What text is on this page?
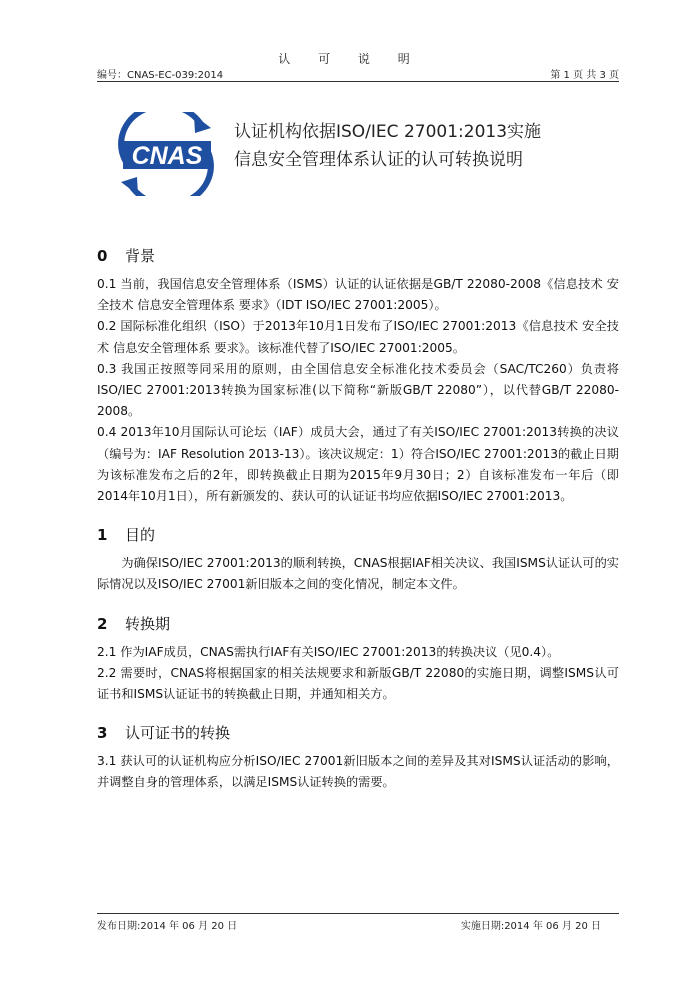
认 可 说 明
编号：CNAS-EC-039:2014	第 1 页 共 3 页
CNAS
认证机构依据ISO/IEC 27001:2013实施
信息安全管理体系认证的认可转换说明
0 背景

0.1 当前，我国信息安全管理体系（ISMS）认证的认证依据是GB/T 22080-2008《信息技术 安全技术 信息安全管理体系 要求》（IDT ISO/IEC 27001:2005）。

0.2 国际标准化组织（ISO）于2013年10月1日发布了ISO/IEC 27001:2013《信息技术 安全技术 信息安全管理体系 要求》。该标准代替了ISO/IEC 27001:2005。

0.3 我国正按照等同采用的原则，由全国信息安全标准化技术委员会（SAC/TC260）负责将ISO/IEC 27001:2013转换为国家标准(以下简称“新版GB/T 22080”），以代替GB/T 22080-2008。

0.4 2013年10月国际认可论坛（IAF）成员大会，通过了有关ISO/IEC 27001:2013转换的决议（编号为：IAF Resolution 2013-13）。该决议规定：1）符合ISO/IEC 27001:2013的截止日期为该标准发布之后的2年，即转换截止日期为2015年9月30日；2）自该标准发布一年后（即2014年10月1日），所有新颁发的、获认可的认证证书均应依据ISO/IEC 27001:2013。

1 目的

为确保ISO/IEC 27001:2013的顺利转换，CNAS根据IAF相关决议、我国ISMS认证认可的实际情况以及ISO/IEC 27001新旧版本之间的变化情况，制定本文件。

2 转换期

2.1 作为IAF成员，CNAS需执行IAF有关ISO/IEC 27001:2013的转换决议（见0.4）。

2.2 需要时，CNAS将根据国家的相关法规要求和新版GB/T 22080的实施日期，调整ISMS认可证书和ISMS认证证书的转换截止日期，并通知相关方。

3 认可证书的转换

3.1 获认可的认证机构应分析ISO/IEC 27001新旧版本之间的差异及其对ISMS认证活动的影响，并调整自身的管理体系，以满足ISMS认证转换的需要。

发布日期:2014 年 06 月 20 日	实施日期:2014 年 06 月 20 日
